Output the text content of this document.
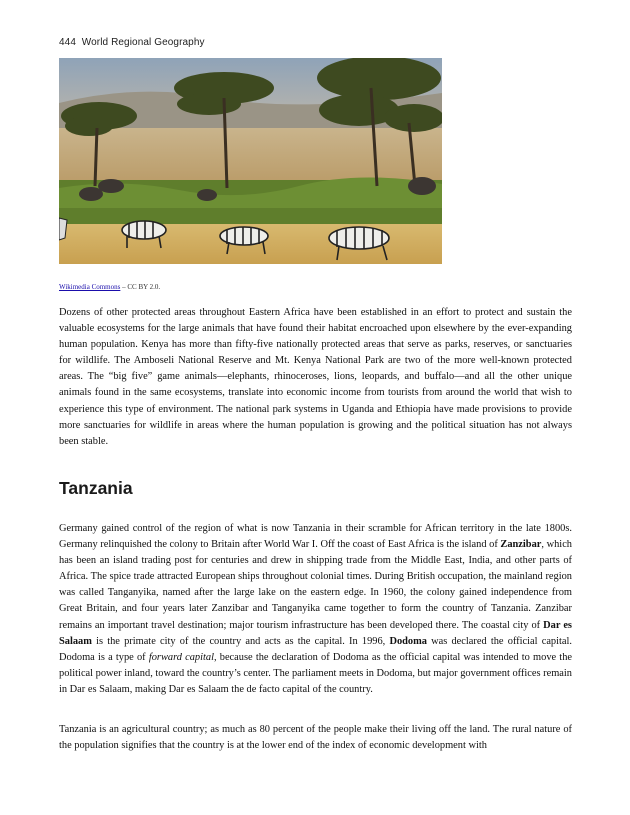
444 World Regional Geography
Wikimedia Commons – CC BY 2.0.

Dozens of other protected areas throughout Eastern Africa have been established in an effort to protect and sustain the valuable ecosystems for the large animals that have found their habitat encroached upon elsewhere by the ever-expanding human population. Kenya has more than fifty-five nationally protected areas that serve as parks, reserves, or sanctuaries for wildlife. The Amboseli National Reserve and Mt. Kenya National Park are two of the more well-known protected areas. The “big five” game animals—elephants, rhinoceroses, lions, leopards, and buffalo—and all the other unique animals found in the same ecosystems, translate into economic income from tourists from around the world that wish to experience this type of environment. The national park systems in Uganda and Ethiopia have made provisions to provide more sanctuaries for wildlife in areas where the human population is growing and the political situation has not always been stable.

Tanzania

Germany gained control of the region of what is now Tanzania in their scramble for African territory in the late 1800s. Germany relinquished the colony to Britain after World War I. Off the coast of East Africa is the island of Zanzibar, which has been an island trading post for centuries and drew in shipping trade from the Middle East, India, and other parts of Africa. The spice trade attracted European ships throughout colonial times. During British occupation, the mainland region was called Tanganyika, named after the large lake on the eastern edge. In 1960, the colony gained independence from Great Britain, and four years later Zanzibar and Tanganyika came together to form the country of Tanzania. Zanzibar remains an important travel destination; major tourism infrastructure has been developed there. The coastal city of Dar es Salaam is the primate city of the country and acts as the capital. In 1996, Dodoma was declared the official capital. Dodoma is a type of forward capital, because the declaration of Dodoma as the official capital was intended to move the political power inland, toward the country’s center. The parliament meets in Dodoma, but major government offices remain in Dar es Salaam, making Dar es Salaam the de facto capital of the country.

Tanzania is an agricultural country; as much as 80 percent of the people make their living off the land. The rural nature of the population signifies that the country is at the lower end of the index of economic development with
